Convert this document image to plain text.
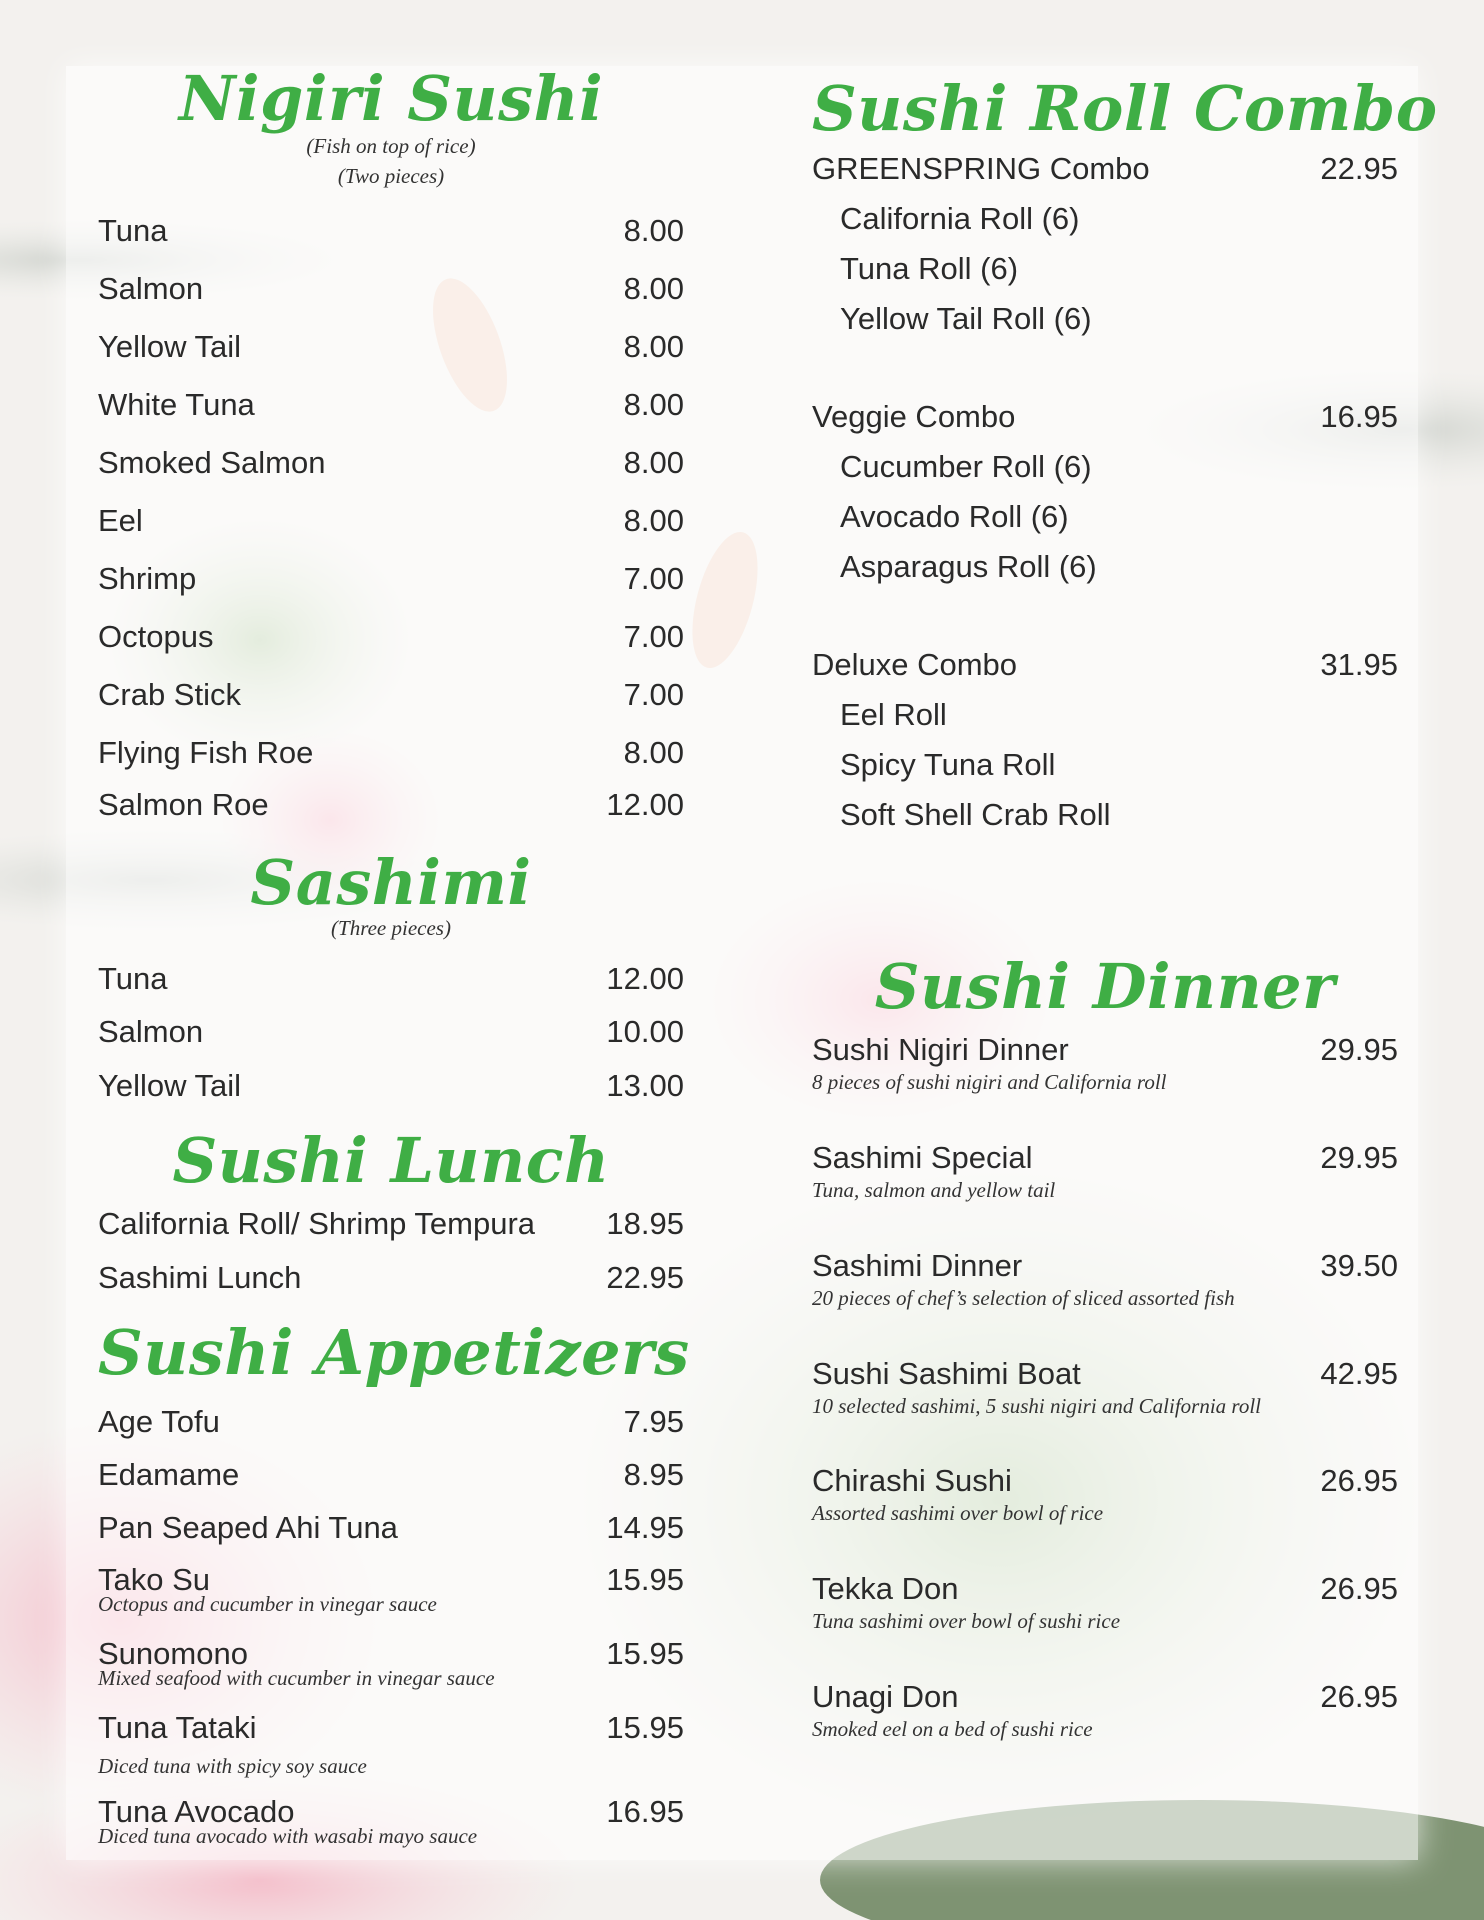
Nigiri Sushi
(Fish on top of rice)
(Two pieces)
Tuna	8.00
Salmon	8.00
Yellow Tail	8.00
White Tuna	8.00
Smoked Salmon	8.00
Eel	8.00
Shrimp	7.00
Octopus	7.00
Crab Stick	7.00
Flying Fish Roe	8.00
Salmon Roe	12.00
Sashimi
(Three pieces)
Tuna	12.00
Salmon	10.00
Yellow Tail	13.00
Sushi Lunch
California Roll/ Shrimp Tempura 18.95
Sashimi Lunch	22.95
Sushi Appetizers
Age Tofu	7.95
Edamame	8.95
Pan Seaped Ahi Tuna	14.95
Tako Su	15.95
Octopus and cucumber in vinegar sauce
Sunomono	15.95
Mixed seafood with cucumber in vinegar sauce
Tuna Tataki	15.95
Diced tuna with spicy soy sauce
Tuna Avocado	16.95
Diced tuna avocado with wasabi mayo sauce
Sushi Roll Combo
GREENSPRING Combo	22.95
California Roll (6)
Tuna Roll (6)
Yellow Tail Roll (6)
Veggie Combo	16.95
Cucumber Roll (6)
Avocado Roll (6)
Asparagus Roll (6)
Deluxe Combo	31.95
Eel Roll
Spicy Tuna Roll
Soft Shell Crab Roll
Sushi Dinner
Sushi Nigiri Dinner	29.95
8 pieces of sushi nigiri and California roll
Sashimi Special	29.95
Tuna, salmon and yellow tail
Sashimi Dinner	39.50
20 pieces of chef’s selection of sliced assorted fish
Sushi Sashimi Boat	42.95
10 selected sashimi, 5 sushi nigiri and California roll
Chirashi Sushi	26.95
Assorted sashimi over bowl of rice
Tekka Don	26.95
Tuna sashimi over bowl of sushi rice
Unagi Don	26.95
Smoked eel on a bed of sushi rice
